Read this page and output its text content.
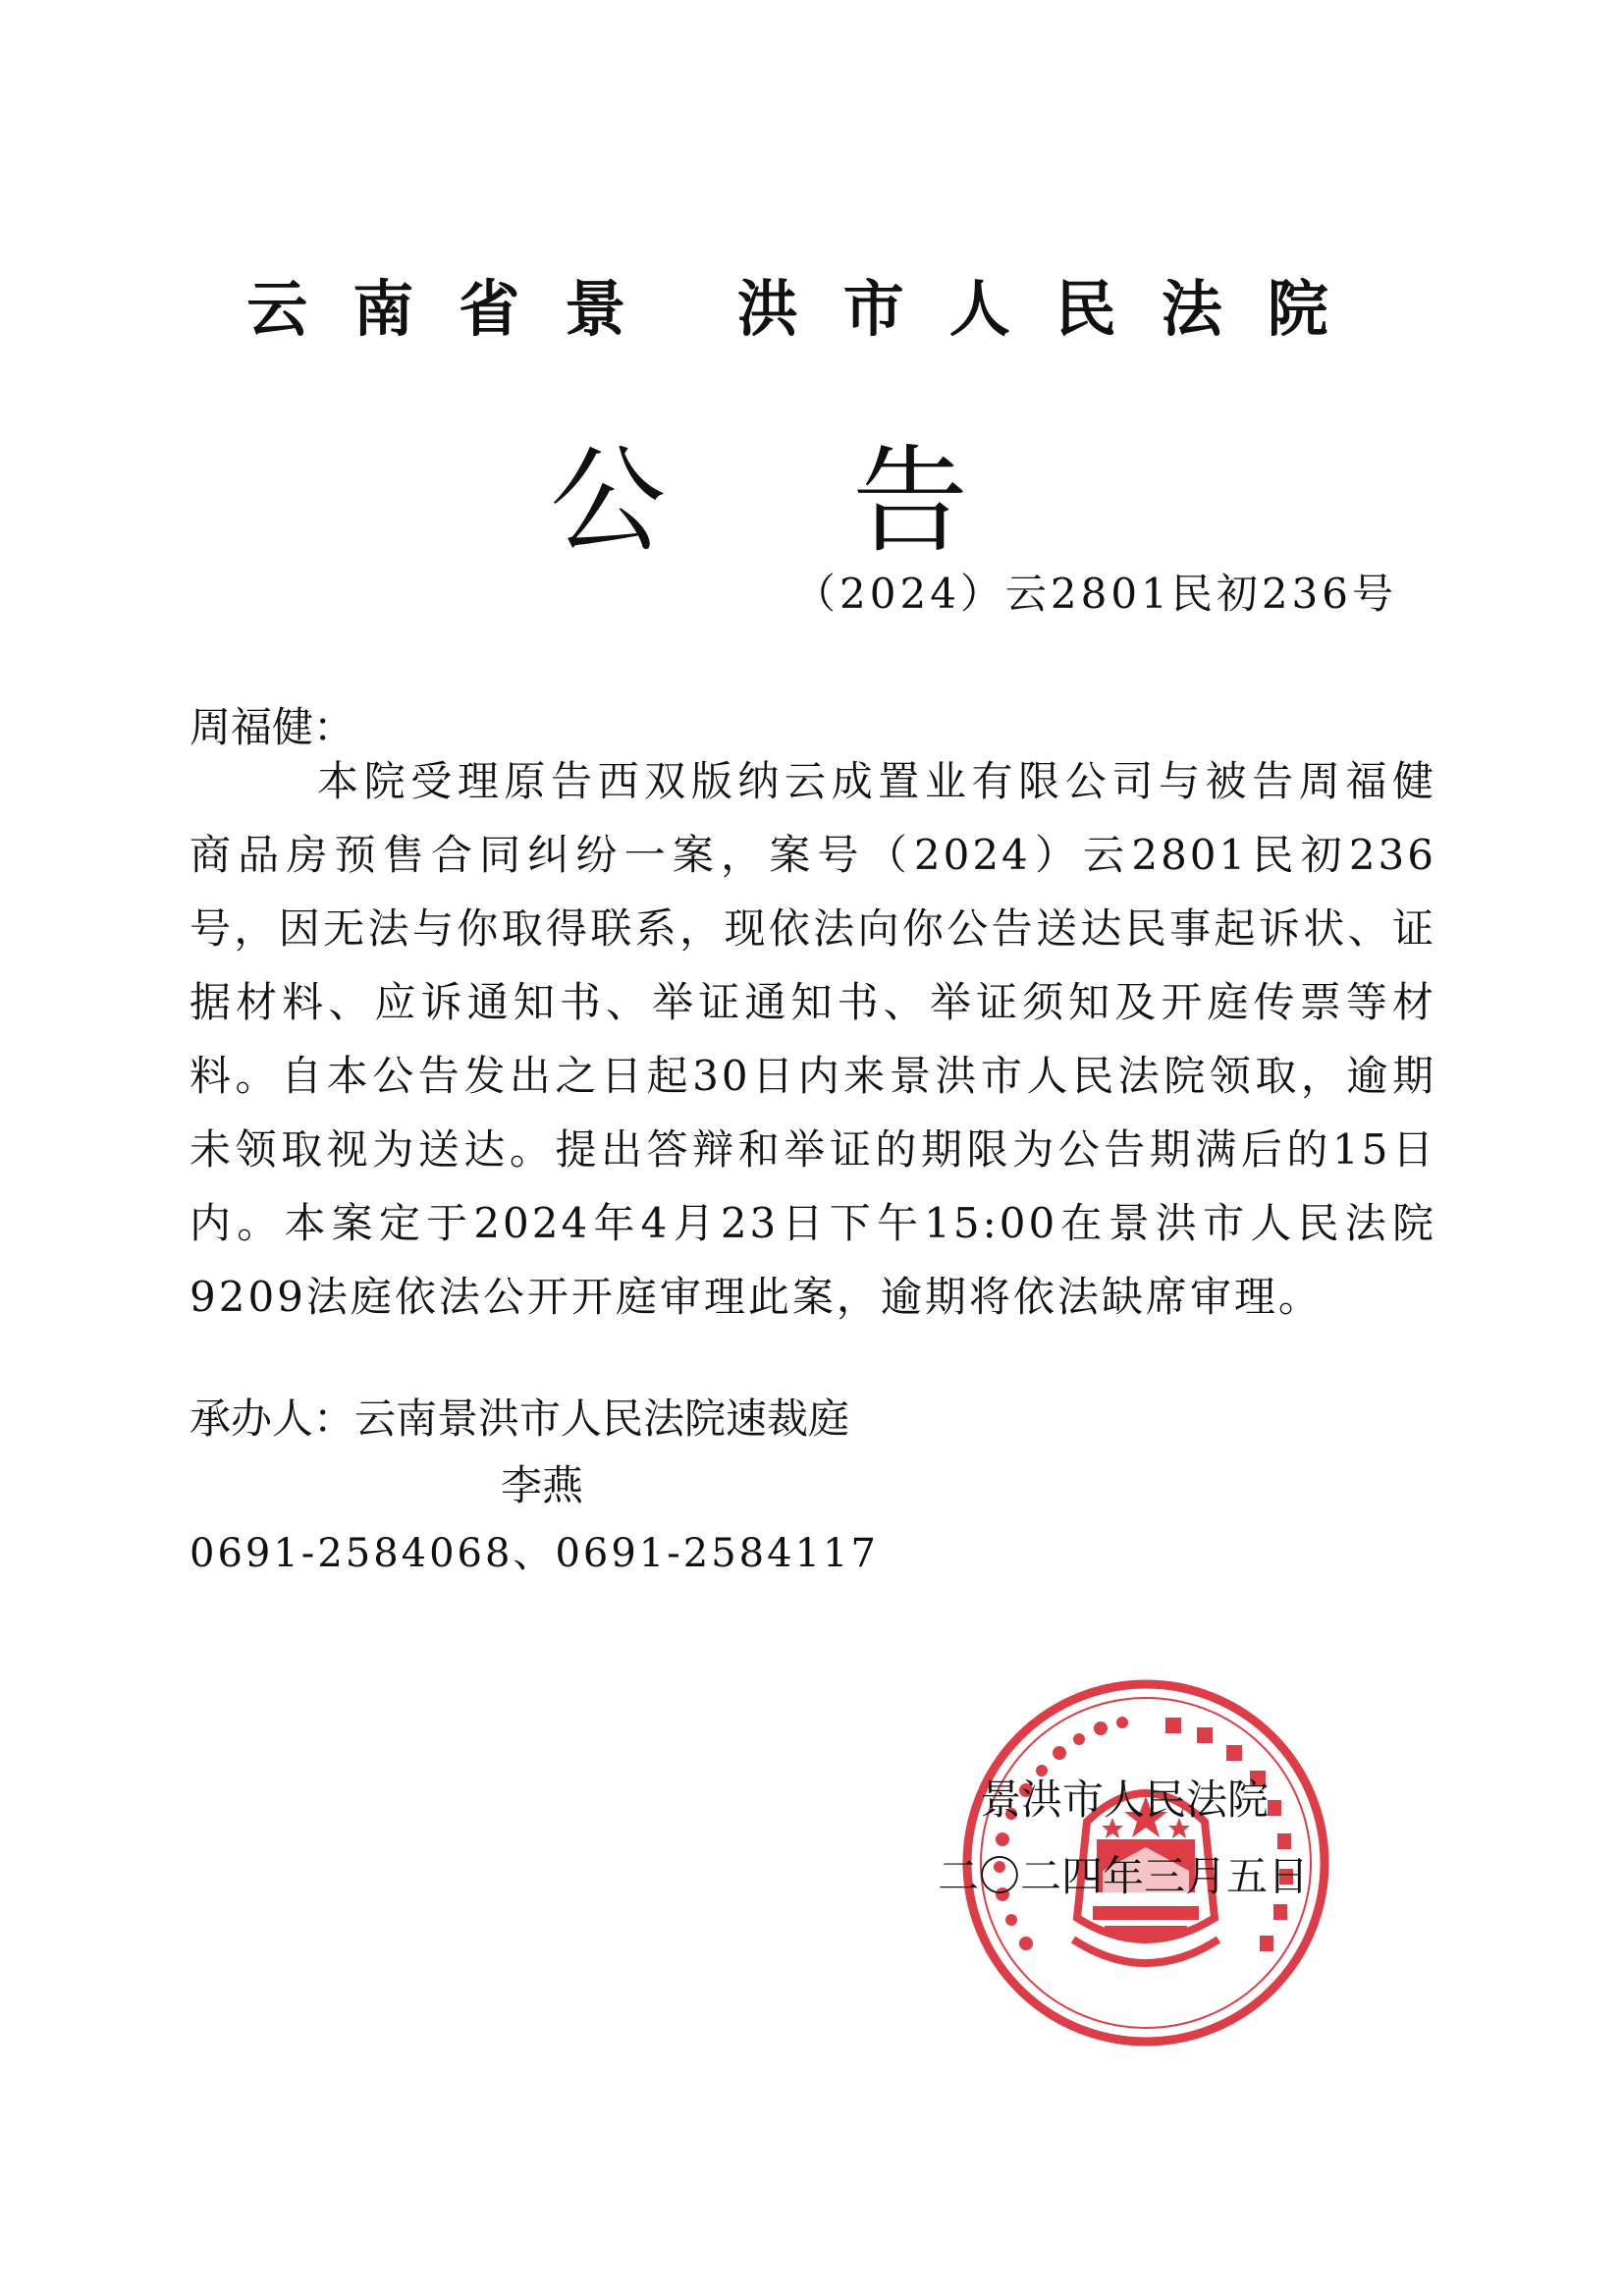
云南省景 洪市人民法院
公告
（2024）云2801民初236号
周福健：

本院受理原告西双版纳云成置业有限公司与被告周福健 商品房预售合同纠纷一案，案号（2024）云2801民初236号，因无法与你取得联系，现依法向你公告送达民事起诉状、证据材料、应诉通知书、举证通知书、举证须知及开庭传票等材料。自本公告发出之日起30日内来景洪市人民法院领取，逾期未领取视为送达。提出答辩和举证的期限为公告期满后的15日内。本案定于2024年4月23日下午15:00在景洪市人民法院9209法庭依法公开开庭审理此案，逾期将依法缺席审理。

承办人：云南景洪市人民法院速裁庭
李燕
0691-2584068、0691-2584117
景洪市人民法院
二〇二四年三月五日
